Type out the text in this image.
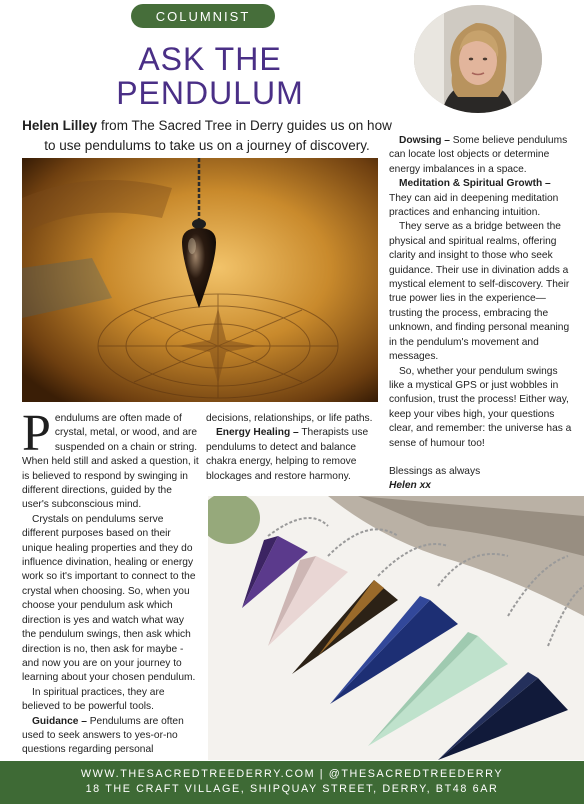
COLUMNIST
ASK THE
PENDULUM
Helen Lilley from The Sacred Tree in Derry guides us on how to use pendulums to take us on a journey of discovery.
P endulums are often made of crystal, metal, or wood, and are suspended on a chain or string. When held still and asked a question, it is believed to respond by swinging in different directions, guided by the user's subconscious mind.

Crystals on pendulums serve different purposes based on their unique healing properties and they do influence divination, healing or energy work so it's important to connect to the crystal when choosing. So, when you choose your pendulum ask which direction is yes and watch what way the pendulum swings, then ask which direction is no, then ask for maybe - and now you are on your journey to learning about your chosen pendulum.

In spiritual practices, they are believed to be powerful tools.

Guidance – Pendulums are often used to seek answers to yes-or-no questions regarding personal

decisions, relationships, or life paths.

Energy Healing – Therapists use pendulums to detect and balance chakra energy, helping to remove blockages and restore harmony.

Dowsing – Some believe pendulums can locate lost objects or determine energy imbalances in a space.

Meditation & Spiritual Growth – They can aid in deepening meditation practices and enhancing intuition.

They serve as a bridge between the physical and spiritual realms, offering clarity and insight to those who seek guidance. Their use in divination adds a mystical element to self-discovery. Their true power lies in the experience—trusting the process, embracing the unknown, and finding personal meaning in the pendulum's movement and messages.

So, whether your pendulum swings like a mystical GPS or just wobbles in confusion, trust the process! Either way, keep your vibes high, your questions clear, and remember: the universe has a sense of humour too!

Blessings as always

Helen xx

WWW.THESACREDTREEDERRY.COM | @THESACREDTREEDERRY
18 THE CRAFT VILLAGE, SHIPQUAY STREET, DERRY, BT48 6AR
